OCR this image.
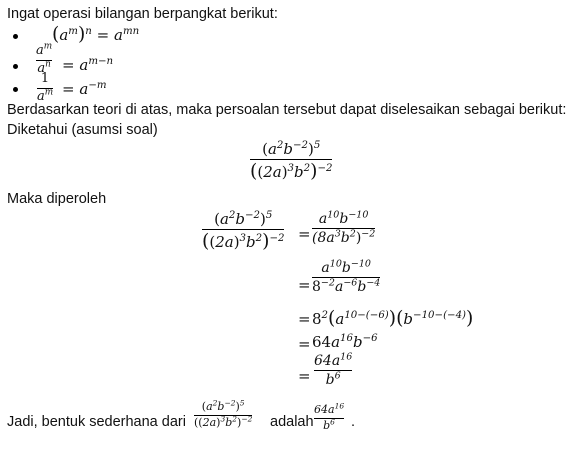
Ingat operasi bilangan berpangkat berikut:
$(a^m)^n = a^{mn}$
$a^m$
$a^n = a^{m-n}$
1
$a^m = a^{-m}$
Berdasarkan teori di atas, maka persoalan tersebut dapat diselesaikan sebagai berikut:
Diketahui (asumsi soal)
$(a^2b^{-2})^5$
$((2a)^3b^2)^{-2}$
Maka diperoleh
$(a^2b^{-2})^5$
$((2a)^3b^2)^{-2}$ =
$a^{10}b^{-10}$
$(8a^3b^2)^{-2}$
=
$a^{10}b^{-10}$
$8^{-2}a^{-6}b^{-4}$
= $8^2(a^{10-(-6)})(b^{-10-(-4)})$
= $64a^{16}b^{-6}$
=
$64a^{16}$
$b^6$
Jadi, bentuk sederhana dari
$(a^2b^{-2})^5$
$((2a)^3b^2)^{-2}$ adalah
$64a^{16}$
$b^6$ .
